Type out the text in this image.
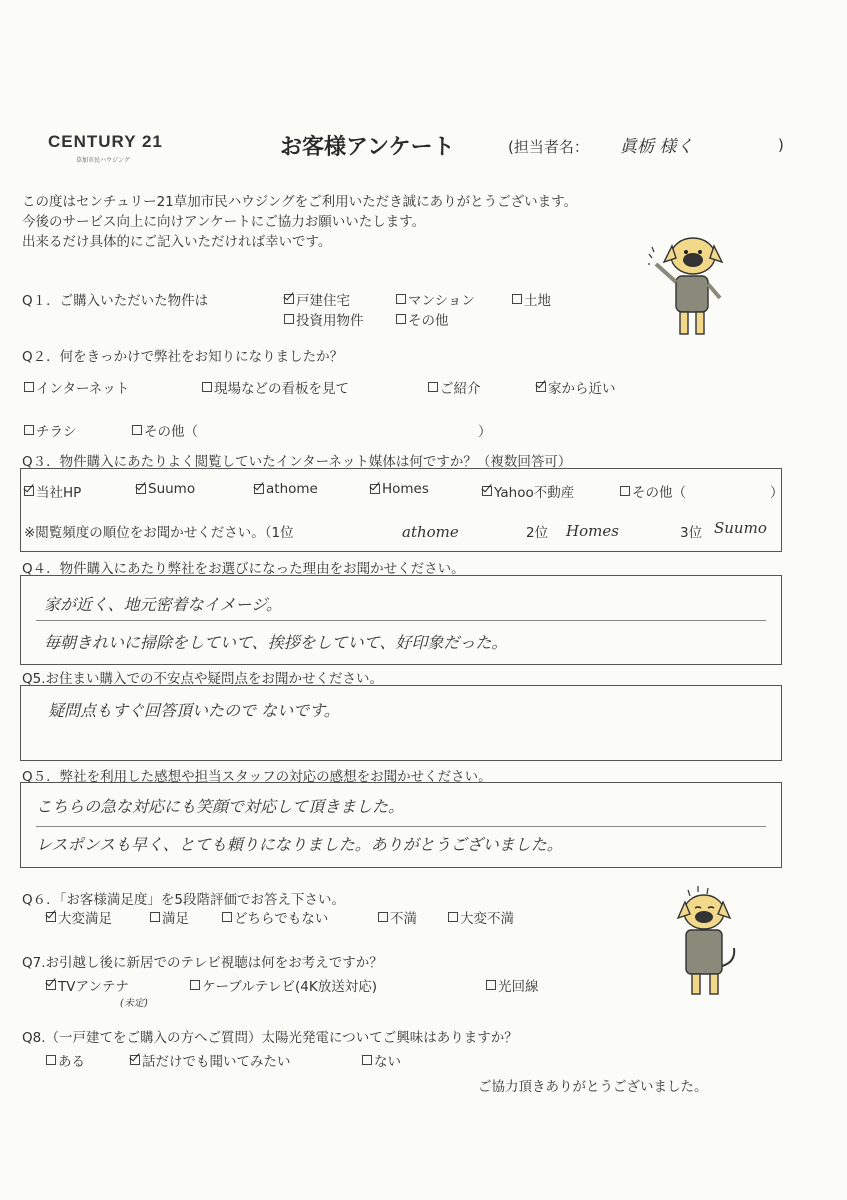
CENTURY 21
草加市民ハウジング
お客様アンケート	(担当者名： 眞栃 様く	)
この度はセンチュリー21草加市民ハウジングをご利用いただき誠にありがとうございます。
今後のサービス向上に向けアンケートにご協力お願いいたします。
出来るだけ具体的にご記入いただければ幸いです。
Q１．ご購入いただいた物件は	戸建住宅	マンション	土地
投資用物件	その他
Q２．何をきっかけで弊社をお知りになりましたか？
インターネット	現場などの看板を見て	ご紹介	家から近い
チラシ	その他（	）
Q３．物件購入にあたりよく閲覧していたインターネット媒体は何ですか？（複数回答可）
当社HP	Suumo	athome	Homes	Yahoo不動産	その他（	）
※閲覧頻度の順位をお聞かせください。（1位	athome	2位 Homes	3位 Suumo
Q４．物件購入にあたり弊社をお選びになった理由をお聞かせください。
家が近く、地元密着なイメージ。
毎朝きれいに掃除をしていて、挨拶をしていて、好印象だった。
Q5.お住まい購入での不安点や疑問点をお聞かせください。
疑問点もすぐ回答頂いたので ないです。
Q５．弊社を利用した感想や担当スタッフの対応の感想をお聞かせください。
こちらの急な対応にも笑顔で対応して頂きました。
レスポンスも早く、とても頼りになりました。ありがとうございました。
Q６．「お客様満足度」を5段階評価でお答え下さい。
大変満足	満足	どちらでもない	不満	大変不満
Q7.お引越し後に新居でのテレビ視聴は何をお考えですか？
TVアンテナ	ケーブルテレビ(4K放送対応)	光回線
(未定)
Q8.（一戸建てをご購入の方へご質問）太陽光発電についてご興味はありますか？
ある	話だけでも聞いてみたい	ない
ご協力頂きありがとうございました。
